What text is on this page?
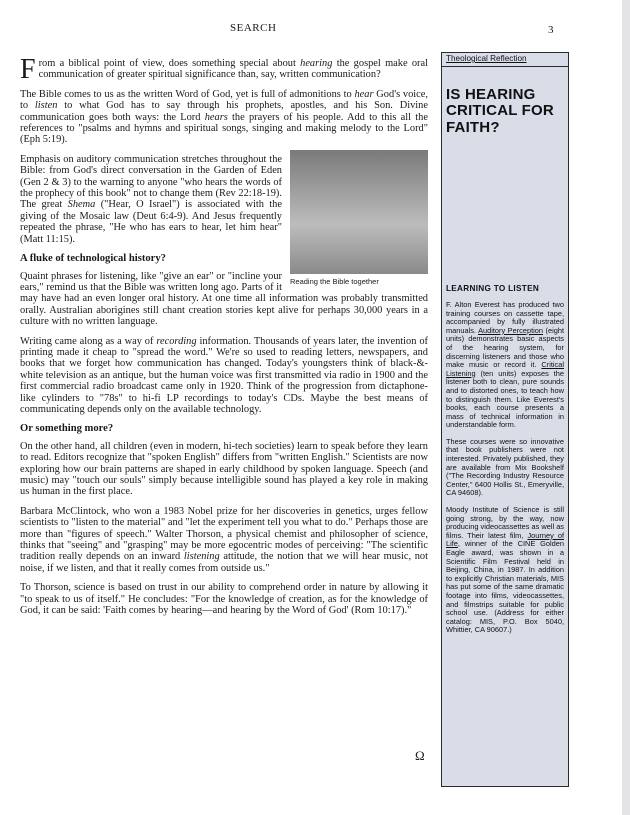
SEARCH	3

From a biblical point of view, does something special about hearing the gospel make oral communication of greater spiritual significance than, say, written communication?

The Bible comes to us as the written Word of God, yet is full of admonitions to hear God's voice, to listen to what God has to say through his prophets, apostles, and his Son. Divine communication goes both ways: the Lord hears the prayers of his people. Add to this all the references to "psalms and hymns and spiritual songs, singing and making melody to the Lord" (Eph 5:19).

Reading the Bible together

Emphasis on auditory communication stretches throughout the Bible: from God's direct conversation in the Garden of Eden (Gen 2 & 3) to the warning to anyone "who hears the words of the prophecy of this book" not to change them (Rev 22:18-19). The great Shema ("Hear, O Israel") is associated with the giving of the Mosaic law (Deut 6:4-9). And Jesus frequently repeated the phrase, "He who has ears to hear, let him hear" (Matt 11:15).

A fluke of technological history?

Quaint phrases for listening, like "give an ear" or "incline your ears," remind us that the Bible was written long ago. Parts of it may have had an even longer oral history. At one time all information was probably transmitted orally. Australian aborigines still chant creation stories kept alive for perhaps 30,000 years in a culture with no written language.

Writing came along as a way of recording information. Thousands of years later, the invention of printing made it cheap to "spread the word." We're so used to reading letters, newspapers, and books that we forget how communication has changed. Today's youngsters think of black-&-white television as an antique, but the human voice was first transmitted via radio in 1900 and the first commercial radio broadcast came only in 1920. Think of the progression from dictaphone-like cylinders to "78s" to hi-fi LP recordings to today's CDs. Maybe the best means of communicating depends only on the available technology.

Or something more?

On the other hand, all children (even in modern, hi-tech societies) learn to speak before they learn to read. Editors recognize that "spoken English" differs from "written English." Scientists are now exploring how our brain patterns are shaped in early childhood by spoken language. Speech (and music) may "touch our souls" simply because intelligible sound has played a key role in making us human in the first place.

Barbara McClintock, who won a 1983 Nobel prize for her discoveries in genetics, urges fellow scientists to "listen to the material" and "let the experiment tell you what to do." Perhaps those are more than "figures of speech." Walter Thorson, a physical chemist and philosopher of science, thinks that "seeing" and "grasping" may be more egocentric modes of perceiving: "The scientific tradition really depends on an inward listening attitude, the notion that we will hear music, not noise, if we listen, and that it really comes from outside us."

To Thorson, science is based on trust in our ability to comprehend order in nature by allowing it "to speak to us of itself." He concludes: "For the knowledge of creation, as for the knowledge of God, it can be said: 'Faith comes by hearing—and hearing by the Word of God' (Rom 10:17)."

Ω
Theological Reflection
IS HEARING CRITICAL FOR FAITH?
LEARNING TO LISTEN

F. Alton Everest has produced two training courses on cassette tape, accompanied by fully illustrated manuals. Auditory Perception (eight units) demonstrates basic aspects of the hearing system, for discerning listeners and those who make music or record it. Critical Listening (ten units) exposes the listener both to clean, pure sounds and to distorted ones, to teach how to distinguish them. Like Everest's books, each course presents a mass of technical information in understandable form.

These courses were so innovative that book publishers were not interested. Privately published, they are available from Mix Bookshelf ("The Recording Industry Resource Center," 6400 Hollis St., Emeryville, CA 94608).

Moody Institute of Science is still going strong, by the way, now producing videocassettes as well as films. Their latest film, Journey of Life, winner of the CINE Golden Eagle award, was shown in a Scientific Film Festival held in Beijing, China, in 1987. In addition to explicitly Christian materials, MIS has put some of the same dramatic footage into films, videocassettes, and filmstrips suitable for public school use. (Address for either catalog: MIS, P.O. Box 5040, Whittier, CA 90607.)
